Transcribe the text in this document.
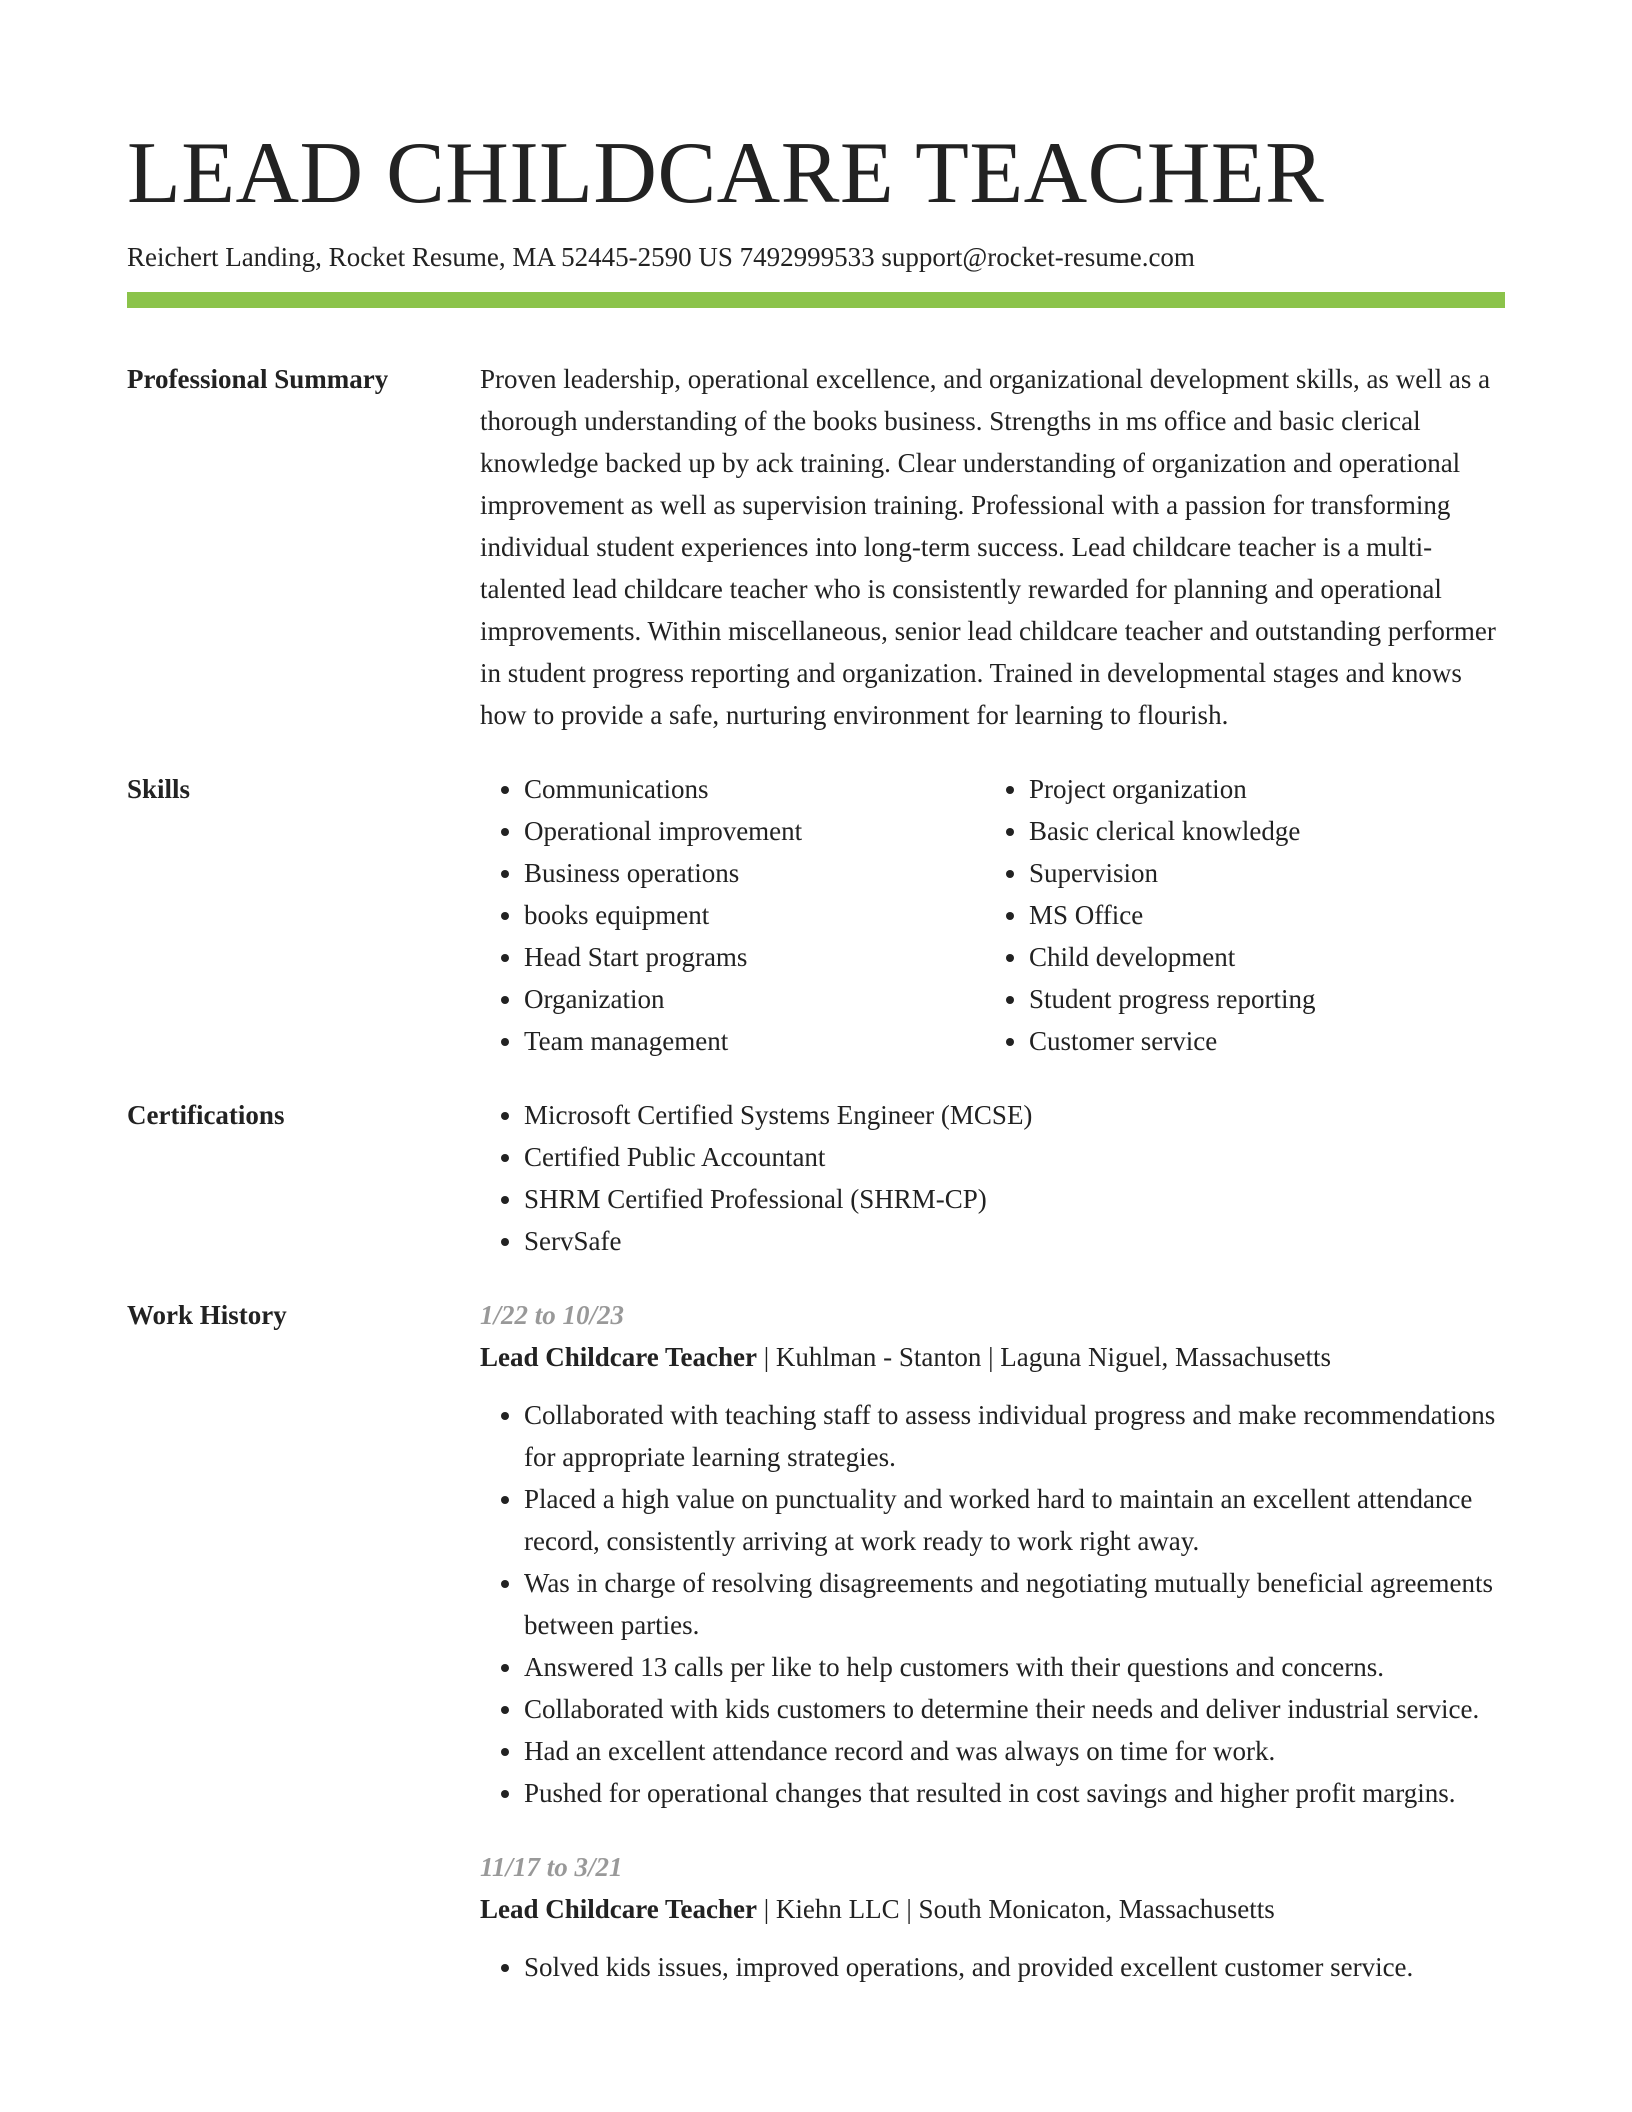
LEAD CHILDCARE TEACHER
Reichert Landing, Rocket Resume, MA 52445-2590 US 7492999533 support@rocket-resume.com
Professional Summary	Proven leadership, operational excellence, and organizational development skills, as well as a thorough understanding of the books business. Strengths in ms office and basic clerical knowledge backed up by ack training. Clear understanding of organization and operational improvement as well as supervision training. Professional with a passion for transforming individual student experiences into long-term success. Lead childcare teacher is a multi-talented lead childcare teacher who is consistently rewarded for planning and operational improvements. Within miscellaneous, senior lead childcare teacher and outstanding performer in student progress reporting and organization. Trained in developmental stages and knows how to provide a safe, nurturing environment for learning to flourish.

Skills	• Communications
• Operational improvement
• Business operations
• books equipment
• Head Start programs
• Organization
• Team management
• Project organization
• Basic clerical knowledge
• Supervision
• MS Office
• Child development
• Student progress reporting
• Customer service
Certifications	• Microsoft Certified Systems Engineer (MCSE)
• Certified Public Accountant
• SHRM Certified Professional (SHRM-CP)
• ServSafe
Work History	1/22 to 10/23
Lead Childcare Teacher | Kuhlman - Stanton | Laguna Niguel, Massachusetts
• Collaborated with teaching staff to assess individual progress and make recommendations for appropriate learning strategies.
• Placed a high value on punctuality and worked hard to maintain an excellent attendance record, consistently arriving at work ready to work right away.
• Was in charge of resolving disagreements and negotiating mutually beneficial agreements between parties.
• Answered 13 calls per like to help customers with their questions and concerns.
• Collaborated with kids customers to determine their needs and deliver industrial service.
• Had an excellent attendance record and was always on time for work.
• Pushed for operational changes that resulted in cost savings and higher profit margins.
11/17 to 3/21
Lead Childcare Teacher | Kiehn LLC | South Monicaton, Massachusetts
• Solved kids issues, improved operations, and provided excellent customer service.
